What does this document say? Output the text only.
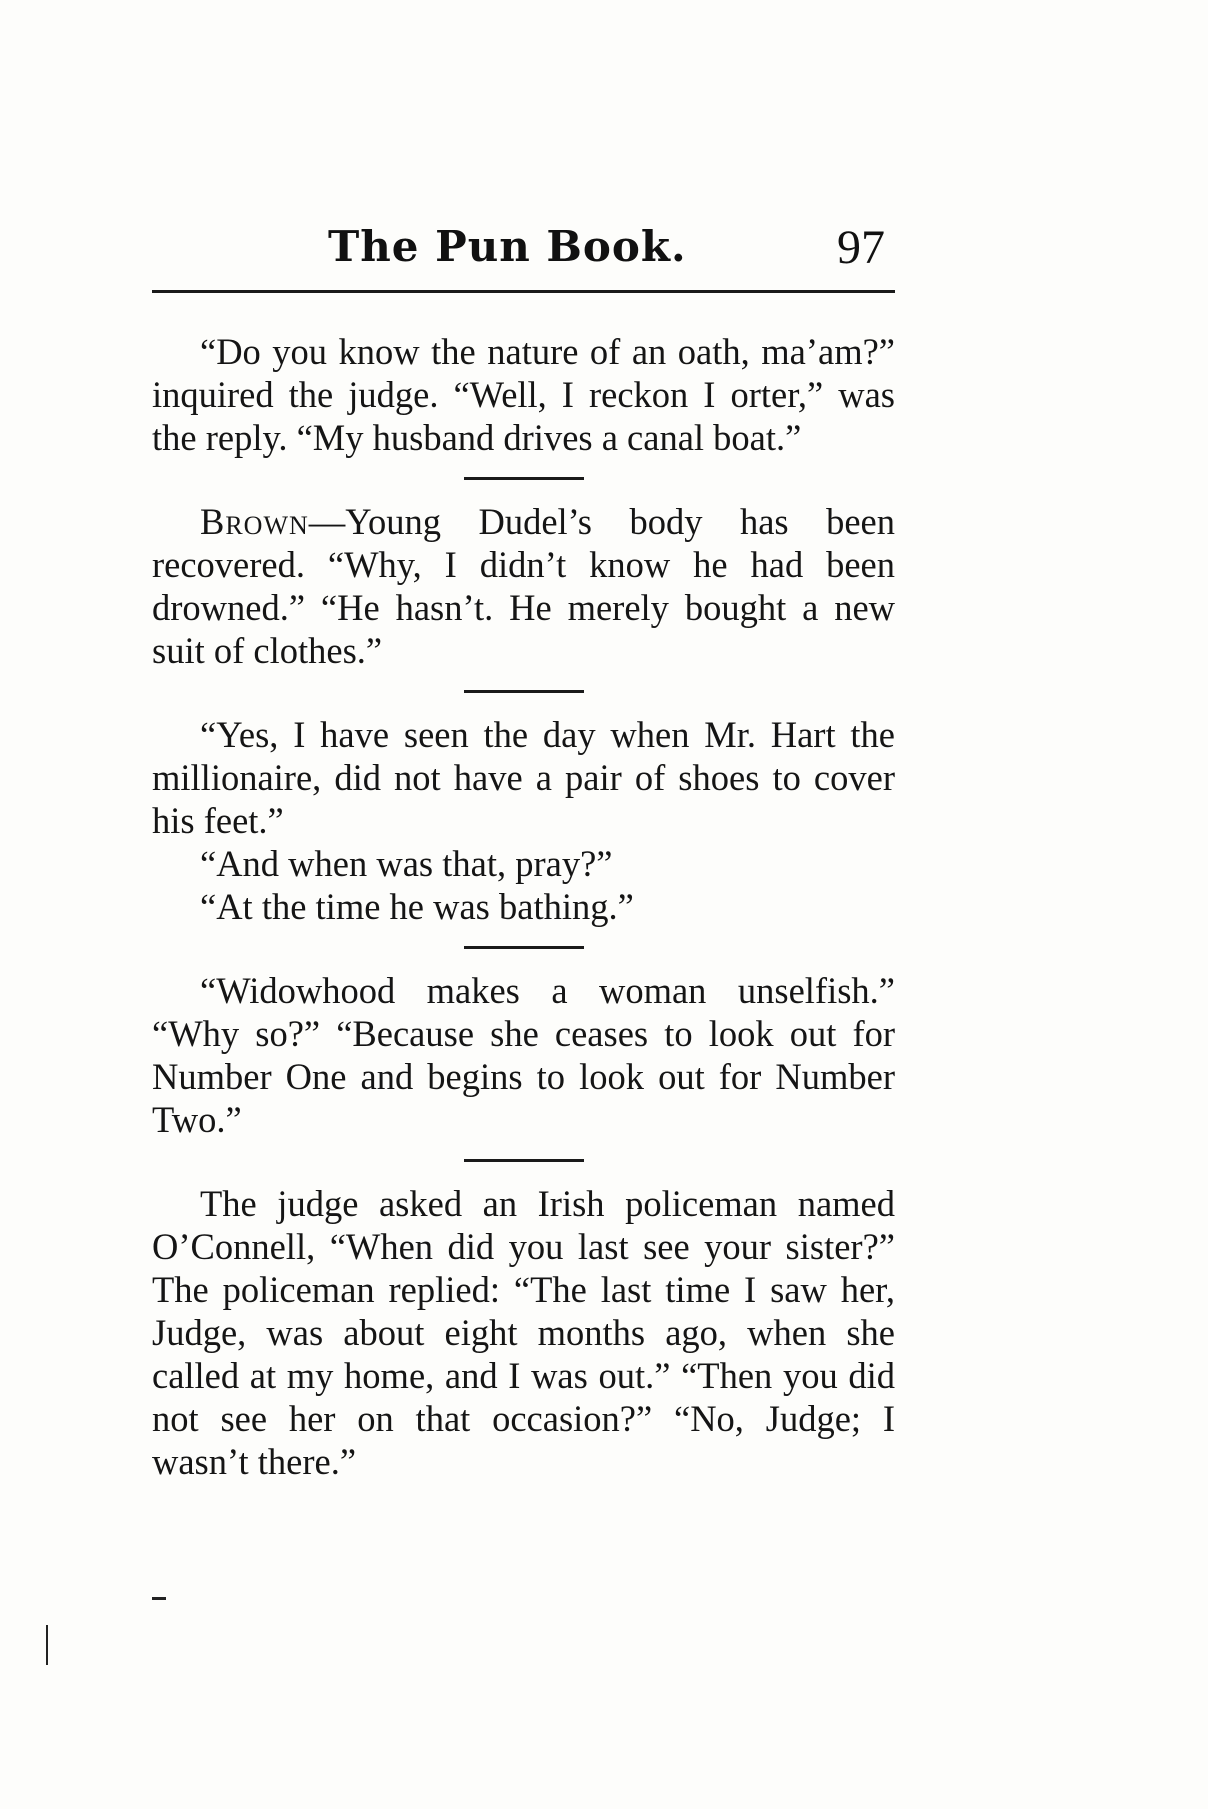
The Pun Book.	97

“Do you know the nature of an oath, ma’am?” inquired the judge. “Well, I reckon I orter,” was the reply. “My husband drives a canal boat.”

Brown—Young Dudel’s body has been recovered. “Why, I didn’t know he had been drowned.” “He hasn’t. He merely bought a new suit of clothes.”

“Yes, I have seen the day when Mr. Hart the millionaire, did not have a pair of shoes to cover his feet.”

“And when was that, pray?”

“At the time he was bathing.”

“Widowhood makes a woman unselfish.” “Why so?” “Because she ceases to look out for Number One and begins to look out for Number Two.”

The judge asked an Irish policeman named O’Connell, “When did you last see your sister?” The policeman replied: “The last time I saw her, Judge, was about eight months ago, when she called at my home, and I was out.” “Then you did not see her on that occasion?” “No, Judge; I wasn’t there.”
